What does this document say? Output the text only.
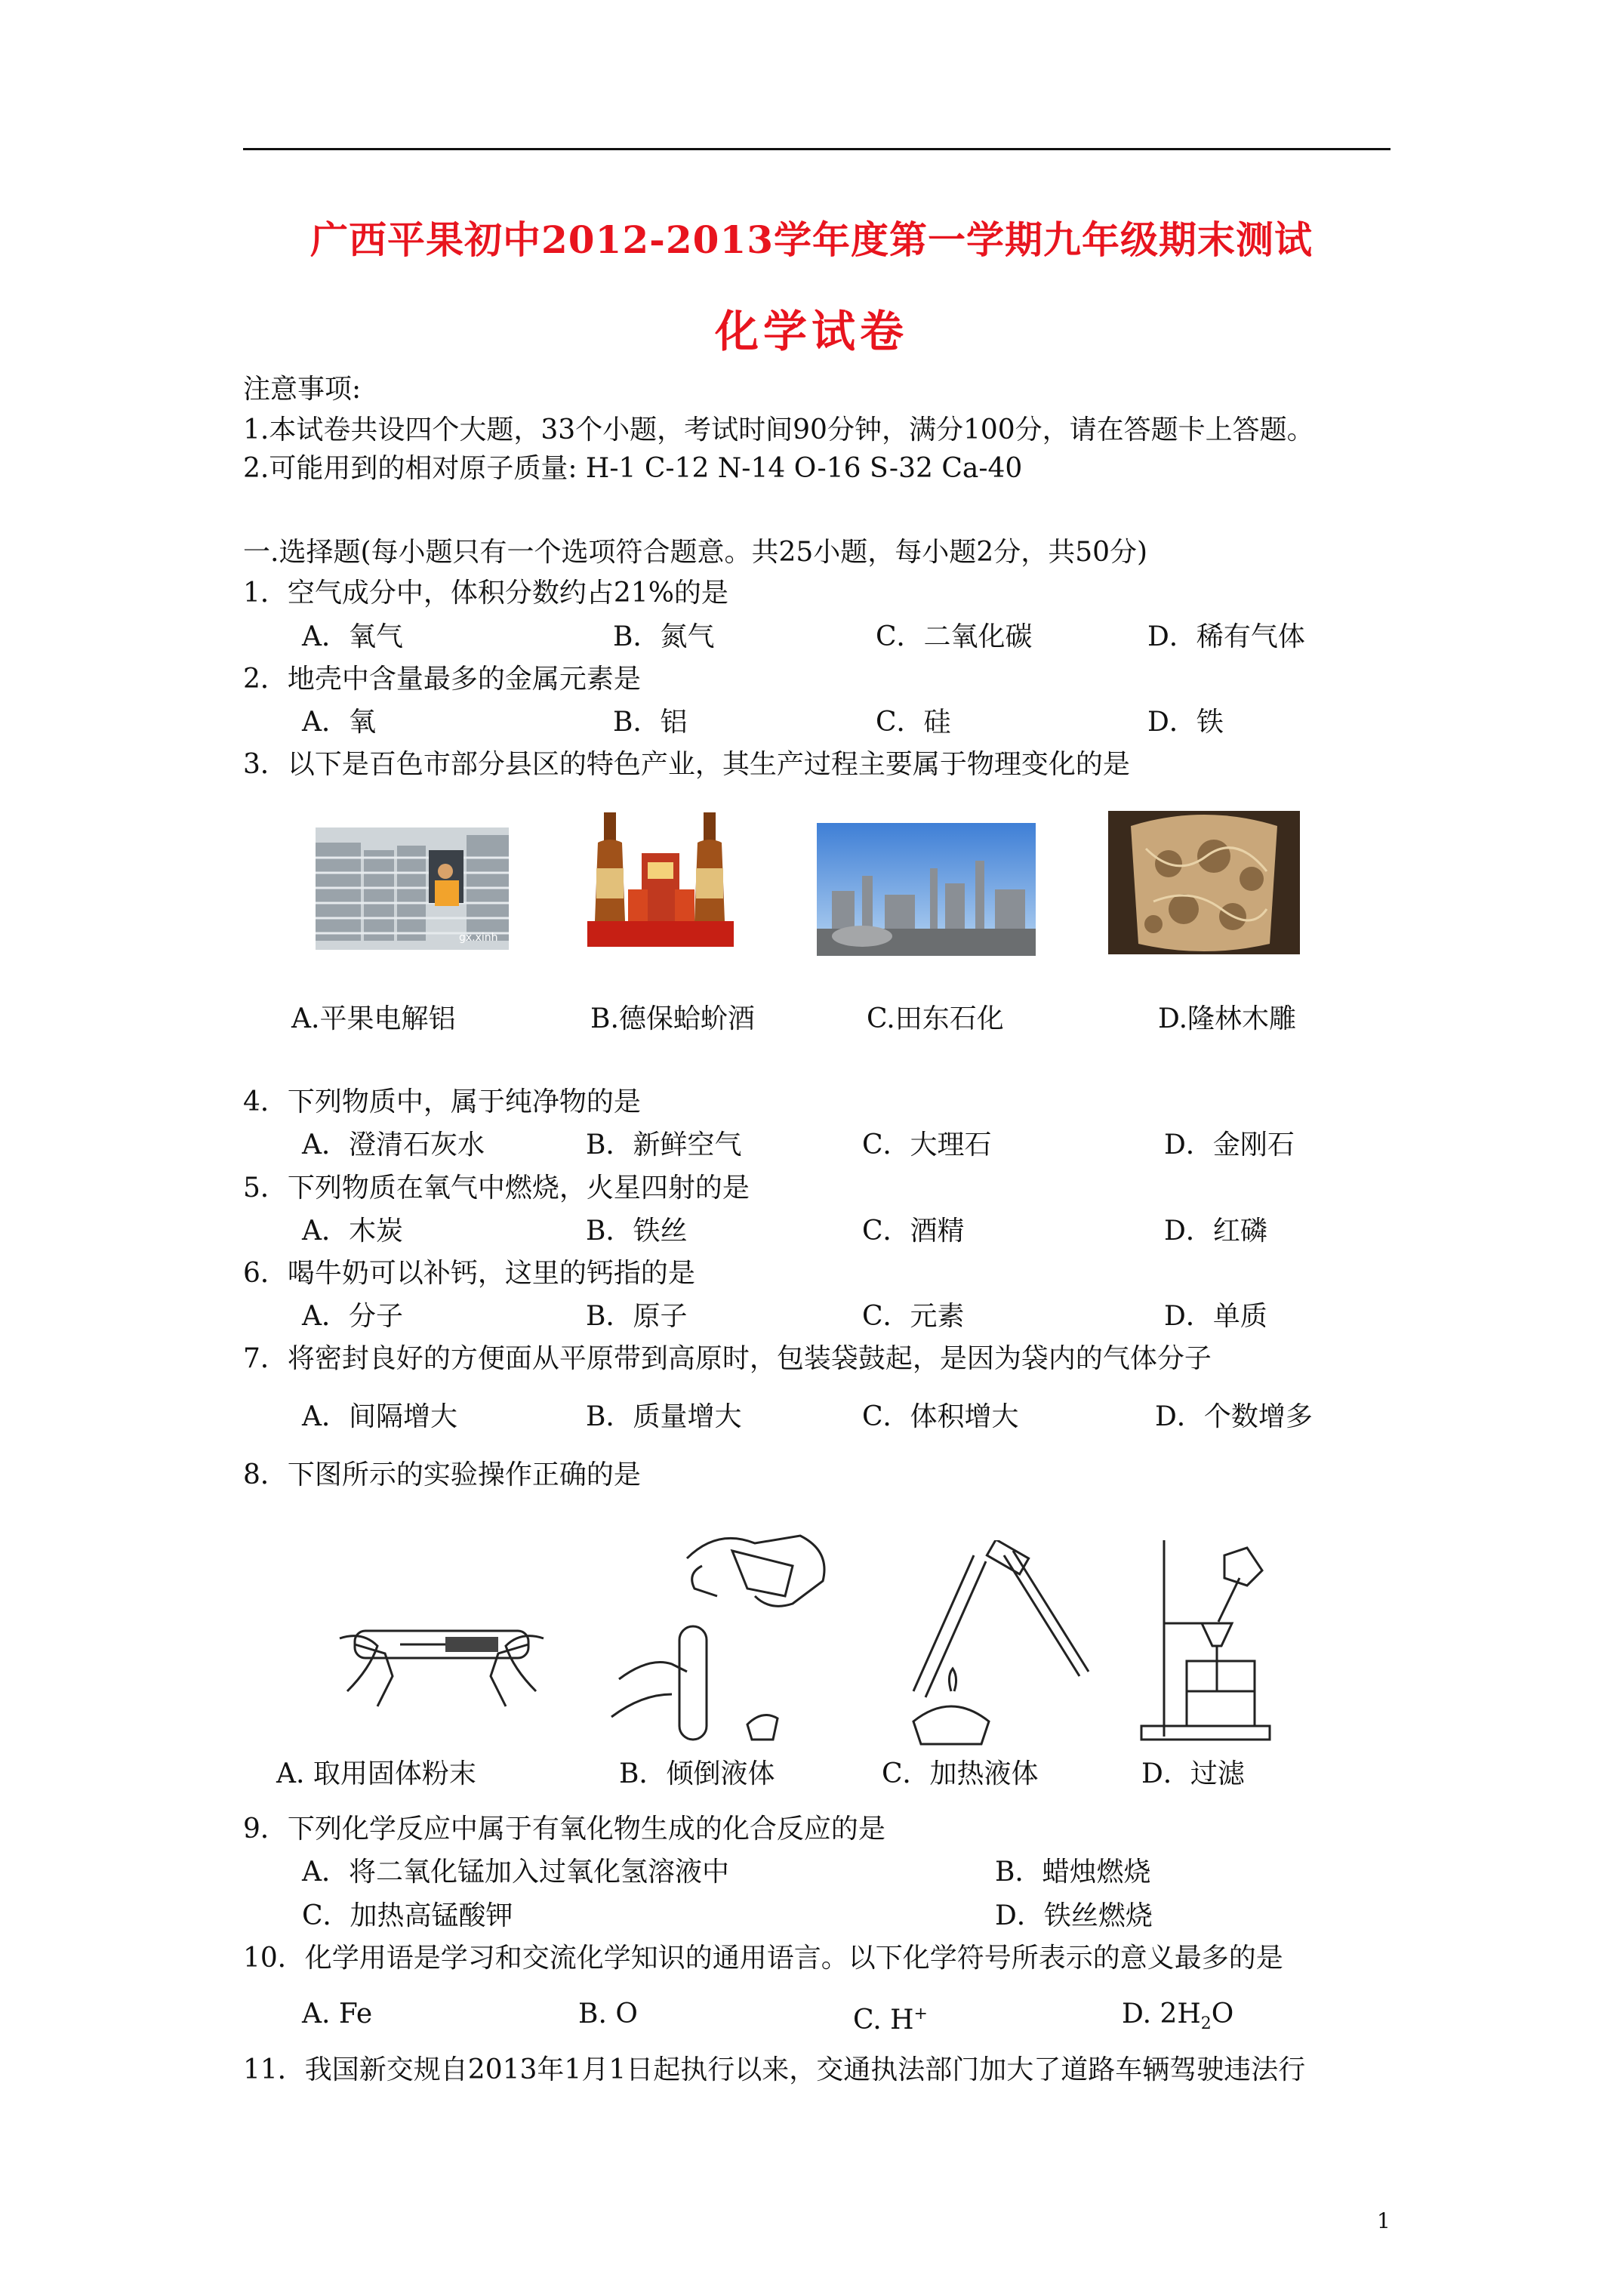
广西平果初中2012-2013学年度第一学期九年级期末测试
化学试卷
注意事项:
1.本试卷共设四个大题，33个小题，考试时间90分钟，满分100分，请在答题卡上答题。
2.可能用到的相对原子质量: H-1 C-12 N-14 O-16 S-32 Ca-40
一.选择题(每小题只有一个选项符合题意。共25小题，每小题2分，共50分)
1．空气成分中，体积分数约占21%的是
A．氧气	B．氮气	C．二氧化碳	D．稀有气体
2．地壳中含量最多的金属元素是
A．氧	B．铝	C．硅	D．铁
3．以下是百色市部分县区的特色产业，其生产过程主要属于物理变化的是
gx.xinh
A.平果电解铝	B.德保蛤蚧酒	C.田东石化	D.隆林木雕
4．下列物质中，属于纯净物的是
A．澄清石灰水	B．新鲜空气	C．大理石	D．金刚石
5．下列物质在氧气中燃烧，火星四射的是
A．木炭	B．铁丝	C．酒精	D．红磷
6．喝牛奶可以补钙，这里的钙指的是
A．分子	B．原子	C．元素	D．单质
7．将密封良好的方便面从平原带到高原时，包装袋鼓起，是因为袋内的气体分子
A．间隔增大	B．质量增大	C．体积增大	D．个数增多
8．下图所示的实验操作正确的是
A. 取用固体粉末	B．倾倒液体	C．加热液体	D．过滤
9．下列化学反应中属于有氧化物生成的化合反应的是
A．将二氧化锰加入过氧化氢溶液中	B．蜡烛燃烧
C．加热高锰酸钾	D．铁丝燃烧
10．化学用语是学习和交流化学知识的通用语言。以下化学符号所表示的意义最多的是
A. Fe	B. O	C. H+	D. $2H_2O$
11．我国新交规自2013年1月1日起执行以来，交通执法部门加大了道路车辆驾驶违法行
1
